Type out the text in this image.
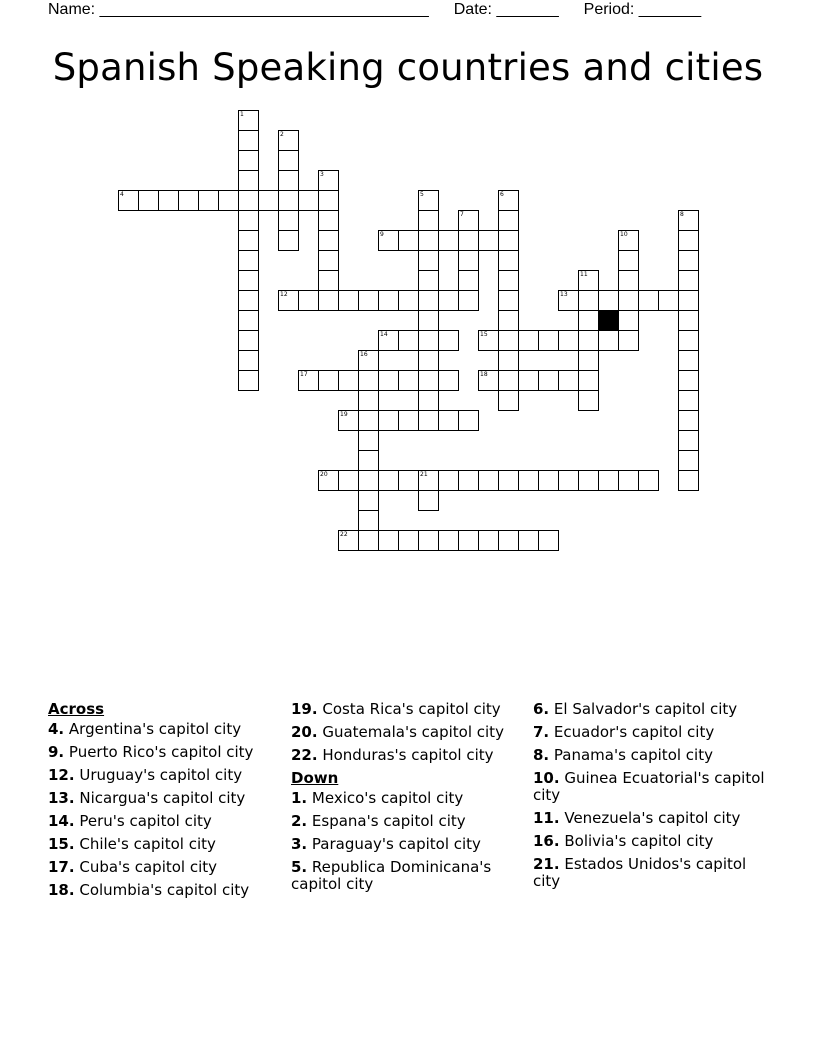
Name: _____________________________________ Date: _______ Period: _______
Spanish Speaking countries and cities
1
2
3
4	5	6
7	8
9	10
11
12	13
14	15
16
17	18
19
20	21
22
Across
4. Argentina's capitol city
9. Puerto Rico's capitol city
12. Uruguay's capitol city
13. Nicargua's capitol city
14. Peru's capitol city
15. Chile's capitol city
17. Cuba's capitol city
18. Columbia's capitol city
19. Costa Rica's capitol city
20. Guatemala's capitol city
22. Honduras's capitol city
Down
1. Mexico's capitol city
2. Espana's capitol city
3. Paraguay's capitol city
5. Republica Dominicana's capitol city
6. El Salvador's capitol city
7. Ecuador's capitol city
8. Panama's capitol city
10. Guinea Ecuatorial's capitol city
11. Venezuela's capitol city
16. Bolivia's capitol city
21. Estados Unidos's capitol city
